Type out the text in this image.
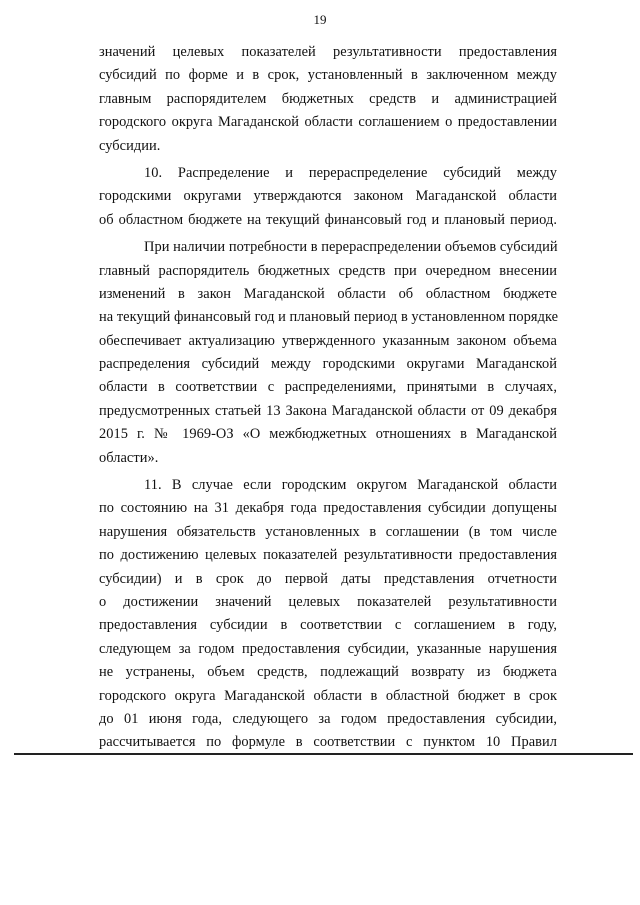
19
значений целевых показателей результативности предоставления
субсидий по форме и в срок, установленный в заключенном между
главным распорядителем бюджетных средств и администрацией
городского округа Магаданской области соглашением о предоставлении
субсидии.
10. Распределение и перераспределение субсидий между
городскими округами утверждаются законом Магаданской области
об областном бюджете на текущий финансовый год и плановый период.
При наличии потребности в перераспределении объемов субсидий
главный распорядитель бюджетных средств при очередном внесении
изменений в закон Магаданской области об областном бюджете
на текущий финансовый год и плановый период в установленном порядке
обеспечивает актуализацию утвержденного указанным законом объема
распределения субсидий между городскими округами Магаданской
области в соответствии с распределениями, принятыми в случаях,
предусмотренных статьей 13 Закона Магаданской области от 09 декабря
2015 г. № 1969-ОЗ «О межбюджетных отношениях в Магаданской
области».
11. В случае если городским округом Магаданской области
по состоянию на 31 декабря года предоставления субсидии допущены
нарушения обязательств установленных в соглашении (в том числе
по достижению целевых показателей результативности предоставления
субсидии) и в срок до первой даты представления отчетности
о достижении значений целевых показателей результативности
предоставления субсидии в соответствии с соглашением в году,
следующем за годом предоставления субсидии, указанные нарушения
не устранены, объем средств, подлежащий возврату из бюджета
городского округа Магаданской области в областной бюджет в срок
до 01 июня года, следующего за годом предоставления субсидии,
рассчитывается по формуле в соответствии с пунктом 10 Правил
